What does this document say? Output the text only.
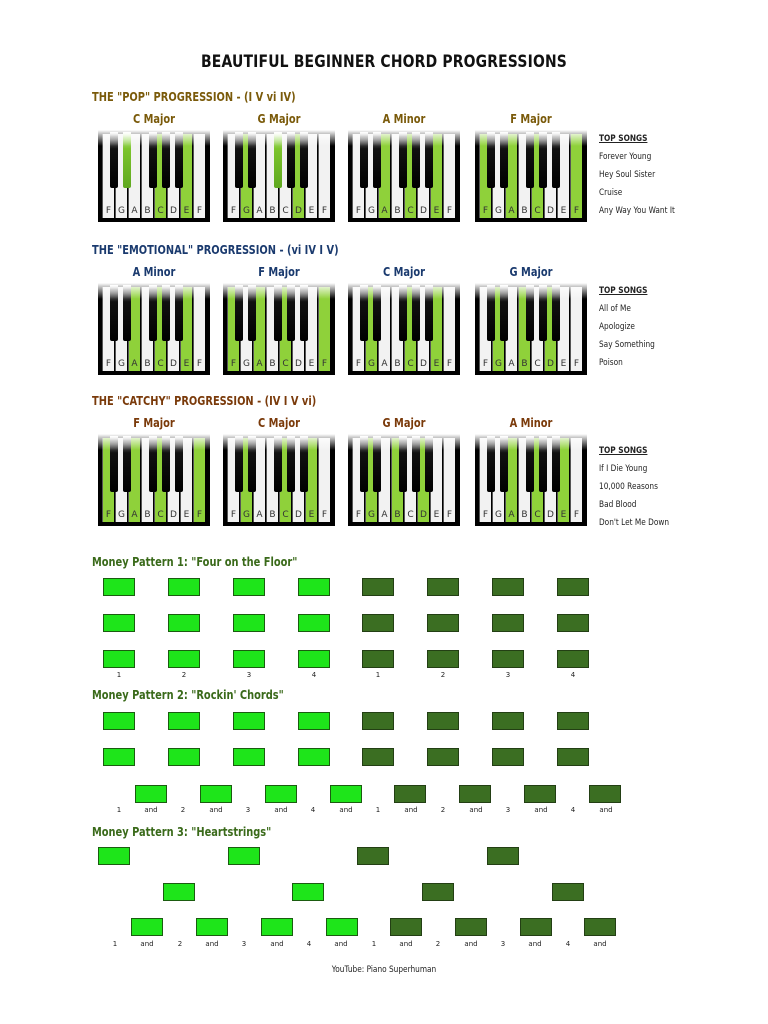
BEAUTIFUL BEGINNER CHORD PROGRESSIONS
THE "POP" PROGRESSION - (I V vi IV)
TOP SONGS
Forever Young
Hey Soul Sister
Cruise
Any Way You Want It
THE "EMOTIONAL" PROGRESSION - (vi IV I V)
TOP SONGS
All of Me
Apologize
Say Something
Poison
THE "CATCHY" PROGRESSION - (IV I V vi)
TOP SONGS
If I Die Young
10,000 Reasons
Bad Blood
Don't Let Me Down
Money Pattern 1: "Four on the Floor"
Money Pattern 2: "Rockin' Chords"
Money Pattern 3: "Heartstrings"
C Major
F G A B C D E F
G Major
F G A B C D E F
A Minor
F G A B C D E F
F Major
F G A B C D E F
A Minor
F G A B C D E F
F Major
F G A B C D E F
C Major
F G A B C D E F
G Major
F G A B C D E F
F Major
F G A B C D E F
C Major
F G A B C D E F
G Major
F G A B C D E F
A Minor
F G A B C D E F
1	2	3	4	1	2	3	4
1	and	2	and	3	and	4	and	1	and	2	and	3	and	4	and
1	and	2	and	3	and	4	and	1	and	2	and	3	and	4	and
YouTube: Piano Superhuman
